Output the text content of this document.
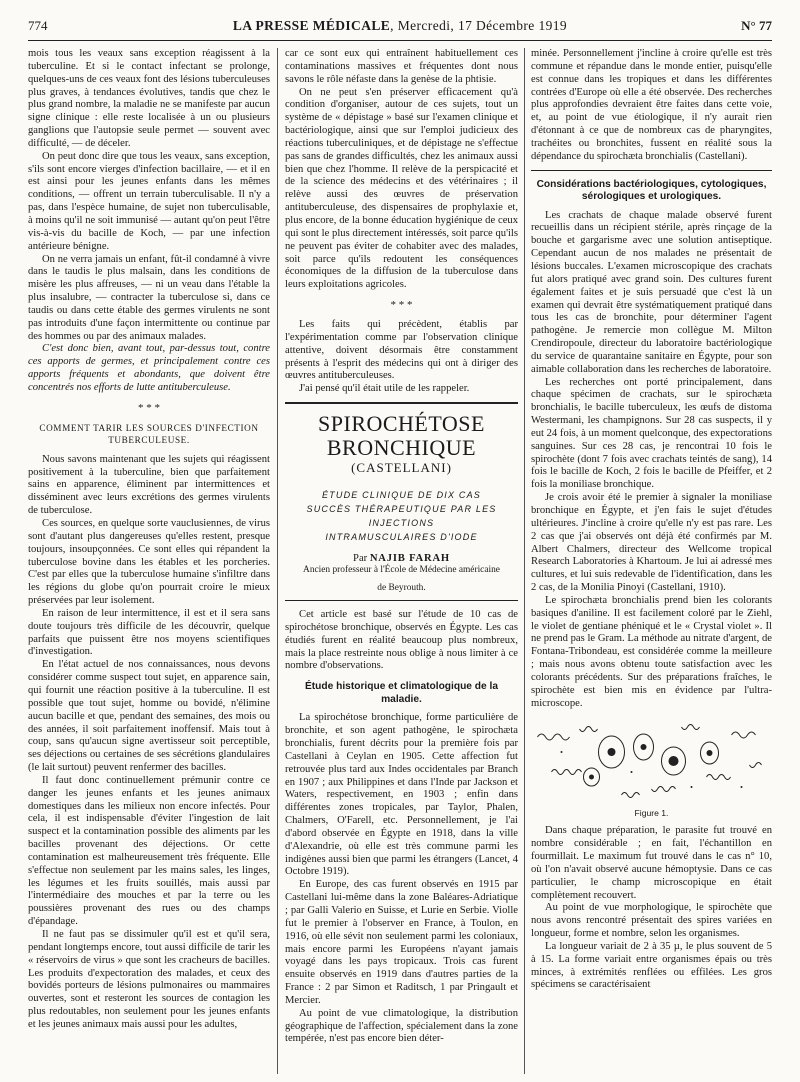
774	LA PRESSE MÉDICALE, Mercredi, 17 Décembre 1919	N° 77

mois tous les veaux sans exception réagissent à la tuberculine. Et si le contact infectant se prolonge, quelques-uns de ces veaux font des lésions tuberculeuses plus graves, à tendances évolutives, tandis que chez le plus grand nombre, la maladie ne se manifeste par aucun signe clinique : elle reste localisée à un ou plusieurs ganglions que l'autopsie seule permet — souvent avec difficulté, — de déceler.

On peut donc dire que tous les veaux, sans exception, s'ils sont encore vierges d'infection bacillaire, — et il en est ainsi pour les jeunes enfants dans les mêmes conditions, — offrent un terrain tuberculisable. Il n'y a pas, dans l'espèce humaine, de sujet non tuberculisable, à moins qu'il ne soit immunisé — autant qu'on peut l'être vis-à-vis du bacille de Koch, — par une infection antérieure bénigne.

On ne verra jamais un enfant, fût-il condamné à vivre dans le taudis le plus malsain, dans les conditions de misère les plus affreuses, — ni un veau dans l'étable la plus insalubre, — contracter la tuberculose si, dans ce taudis ou dans cette étable des germes virulents ne sont pas introduits d'une façon intermittente ou continue par des hommes ou par des animaux malades.

C'est donc bien, avant tout, par-dessus tout, contre ces apports de germes, et principalement contre ces apports fréquents et abondants, que doivent être concentrés nos efforts de lutte antituberculeuse.

* * *
COMMENT TARIR LES SOURCES D'INFECTION TUBERCULEUSE.

Nous savons maintenant que les sujets qui réagissent positivement à la tuberculine, bien que parfaitement sains en apparence, éliminent par intermittences et disséminent avec leurs excrétions des germes virulents de tuberculose.

Ces sources, en quelque sorte vauclusiennes, de virus sont d'autant plus dangereuses qu'elles restent, presque toujours, insoupçonnées. Ce sont elles qui répandent la tuberculose bovine dans les étables et les porcheries. C'est par elles que la tuberculose humaine s'infiltre dans les régions du globe qu'on pourrait croire le mieux préservées par leur isolement.

En raison de leur intermittence, il est et il sera sans doute toujours très difficile de les découvrir, quelque parfaits que puissent être nos moyens scientifiques d'investigation.

En l'état actuel de nos connaissances, nous devons considérer comme suspect tout sujet, en apparence sain, qui fournit une réaction positive à la tuberculine. Il est possible que tout sujet, homme ou bovidé, n'élimine aucun bacille et que, pendant des semaines, des mois ou des années, il soit parfaitement inoffensif. Mais tout à coup, sans qu'aucun signe avertisseur soit perceptible, ses déjections ou certaines de ses sécrétions glandulaires (le lait surtout) peuvent renfermer des bacilles.

Il faut donc continuellement prémunir contre ce danger les jeunes enfants et les jeunes animaux domestiques dans les milieux non encore infectés. Pour cela, il est indispensable d'éviter l'ingestion de lait suspect et la contamination possible des aliments par les bacilles provenant des déjections. Or cette contamination est malheureusement très fréquente. Elle s'effectue non seulement par les mains sales, les linges, les légumes et les fruits souillés, mais aussi par l'intermédiaire des mouches et par la terre ou les poussières provenant des rues ou des champs d'épandage.

Il ne faut pas se dissimuler qu'il est et qu'il sera, pendant longtemps encore, tout aussi difficile de tarir les « réservoirs de virus » que sont les cracheurs de bacilles. Les produits d'expectoration des malades, et ceux des bovidés porteurs de lésions pulmonaires ou mammaires ouvertes, sont et resteront les sources de contagion les plus redoutables, non seulement pour les jeunes enfants et les jeunes animaux mais aussi pour les adultes,

car ce sont eux qui entraînent habituellement ces contaminations massives et fréquentes dont nous savons le rôle néfaste dans la genèse de la phtisie.

On ne peut s'en préserver efficacement qu'à condition d'organiser, autour de ces sujets, tout un système de « dépistage » basé sur l'examen clinique et bactériologique, ainsi que sur l'emploi judicieux des réactions tuberculiniques, et de dépistage ne s'effectue pas sans de grandes difficultés, chez les animaux aussi bien que chez l'homme. Il relève de la perspicacité et de la science des médecins et des vétérinaires ; il relève aussi des œuvres de préservation antituberculeuse, des dispensaires de prophylaxie et, plus encore, de la bonne éducation hygiénique de ceux qui sont le plus directement intéressés, soit parce qu'ils ne peuvent pas éviter de cohabiter avec des malades, soit parce qu'ils redoutent les conséquences économiques de la diffusion de la tuberculose dans leurs exploitations agricoles.

* * *

Les faits qui précèdent, établis par l'expérimentation comme par l'observation clinique attentive, doivent désormais être constamment présents à l'esprit des médecins qui ont à diriger des œuvres antituberculeuses.

J'ai pensé qu'il était utile de les rappeler.

SPIROCHÉTOSE BRONCHIQUE
(CASTELLANI)
ÉTUDE CLINIQUE DE DIX CAS
SUCCÈS THÉRAPEUTIQUE PAR LES INJECTIONS
INTRAMUSCULAIRES D'IODE
Par NAJIB FARAH
Ancien professeur à l'École de Médecine américaine
de Beyrouth.

Cet article est basé sur l'étude de 10 cas de spirochétose bronchique, observés en Égypte. Les cas étudiés furent en réalité beaucoup plus nombreux, mais la place restreinte nous oblige à nous limiter à ce nombre d'observations.

Étude historique et climatologique de la maladie.

La spirochétose bronchique, forme particulière de bronchite, et son agent pathogène, le spirochæta bronchialis, furent décrits pour la première fois par Castellani à Ceylan en 1905. Cette affection fut retrouvée plus tard aux Indes occidentales par Branch en 1907 ; aux Philippines et dans l'Inde par Jackson et Waters, respectivement, en 1903 ; enfin dans différentes zones tropicales, par Taylor, Phalen, Chalmers, O'Farell, etc. Personnellement, je l'ai d'abord observée en Égypte en 1918, dans la ville d'Alexandrie, où elle est très commune parmi les indigènes aussi bien que parmi les étrangers (Lancet, 4 Octobre 1919).

En Europe, des cas furent observés en 1915 par Castellani lui-même dans la zone Baléares-Adriatique ; par Galli Valerio en Suisse, et Lurie en Serbie. Violle fut le premier à l'observer en France, à Toulon, en 1916, où elle sévit non seulement parmi les coloniaux, mais encore parmi les Européens n'ayant jamais voyagé dans les pays tropicaux. Trois cas furent ensuite observés en 1919 dans d'autres parties de la France : 2 par Simon et Raditsch, 1 par Pringault et Mercier.

Au point de vue climatologique, la distribution géographique de l'affection, spécialement dans la zone tempérée, n'est pas encore bien déter-

minée. Personnellement j'incline à croire qu'elle est très commune et répandue dans le monde entier, puisqu'elle est connue dans les tropiques et dans les différentes contrées d'Europe où elle a été observée. Des recherches plus approfondies devraient être faites dans cette voie, et, au point de vue étiologique, il n'y aurait rien d'étonnant à ce que de nombreux cas de pharyngites, trachéites ou bronchites, fussent en réalité sous la dépendance du spirochæta bronchialis (Castellani).

Considérations bactériologiques, cytologiques, sérologiques et urologiques.

Les crachats de chaque malade observé furent recueillis dans un récipient stérile, après rinçage de la bouche et gargarisme avec une solution antiseptique. Cependant aucun de nos malades ne présentait de lésions buccales. L'examen microscopique des crachats fut alors pratiqué avec grand soin. Des cultures furent également faites et je suis persuadé que c'est là un examen qui devrait être systématiquement pratiqué dans tous les cas de bronchite, pour déterminer l'agent pathogène. Je remercie mon collègue M. Milton Crendiropoule, directeur du laboratoire bactériologique du service de quarantaine sanitaire en Égypte, pour son aimable collaboration dans les recherches de laboratoire.

Les recherches ont porté principalement, dans chaque spécimen de crachats, sur le spirochæta bronchialis, le bacille tuberculeux, les œufs de distoma Westermani, les champignons. Sur 28 cas suspects, il y eut 24 fois, à un moment quelconque, des expectorations sanguines. Sur ces 28 cas, je rencontrai 10 fois le spirochète (dont 7 fois avec crachats teintés de sang), 14 fois le bacille de Koch, 2 fois le bacille de Pfeiffer, et 2 fois la moniliase bronchique.

Je crois avoir été le premier à signaler la moniliase bronchique en Égypte, et j'en fais le sujet d'études ultérieures. J'incline à croire qu'elle n'y est pas rare. Les 2 cas que j'ai observés ont déjà été confirmés par M. Albert Chalmers, directeur des Wellcome tropical Research Laboratories à Khartoum. Je lui ai adressé mes cultures, et lui suis redevable de l'identification, dans les 2 cas, de la Monilia Pinoyi (Castellani, 1910).

Le spirochæta bronchialis prend bien les colorants basiques d'aniline. Il est facilement coloré par le Ziehl, le violet de gentiane phéniqué et le « Crystal violet ». Il ne prend pas le Gram. La méthode au nitrate d'argent, de Fontana-Tribondeau, est considérée comme la meilleure ; mais nous avons obtenu toute satisfaction avec les colorants précédents. Sur des préparations fraîches, le spirochète est bien mis en évidence par l'ultra-microscope.

Figure 1.

Dans chaque préparation, le parasite fut trouvé en nombre considérable ; en fait, l'échantillon en fourmillait. Le maximum fut trouvé dans le cas n° 10, où l'on n'avait observé aucune hémoptysie. Dans ce cas particulier, le champ microscopique en était complètement recouvert.

Au point de vue morphologique, le spirochète que nous avons rencontré présentait des spires variées en longueur, forme et nombre, selon les organismes.

La longueur variait de 2 à 35 µ, le plus souvent de 5 à 15. La forme variait entre organismes épais ou très minces, à extrémités renflées ou effilées. Les gros spécimens se caractérisaient
